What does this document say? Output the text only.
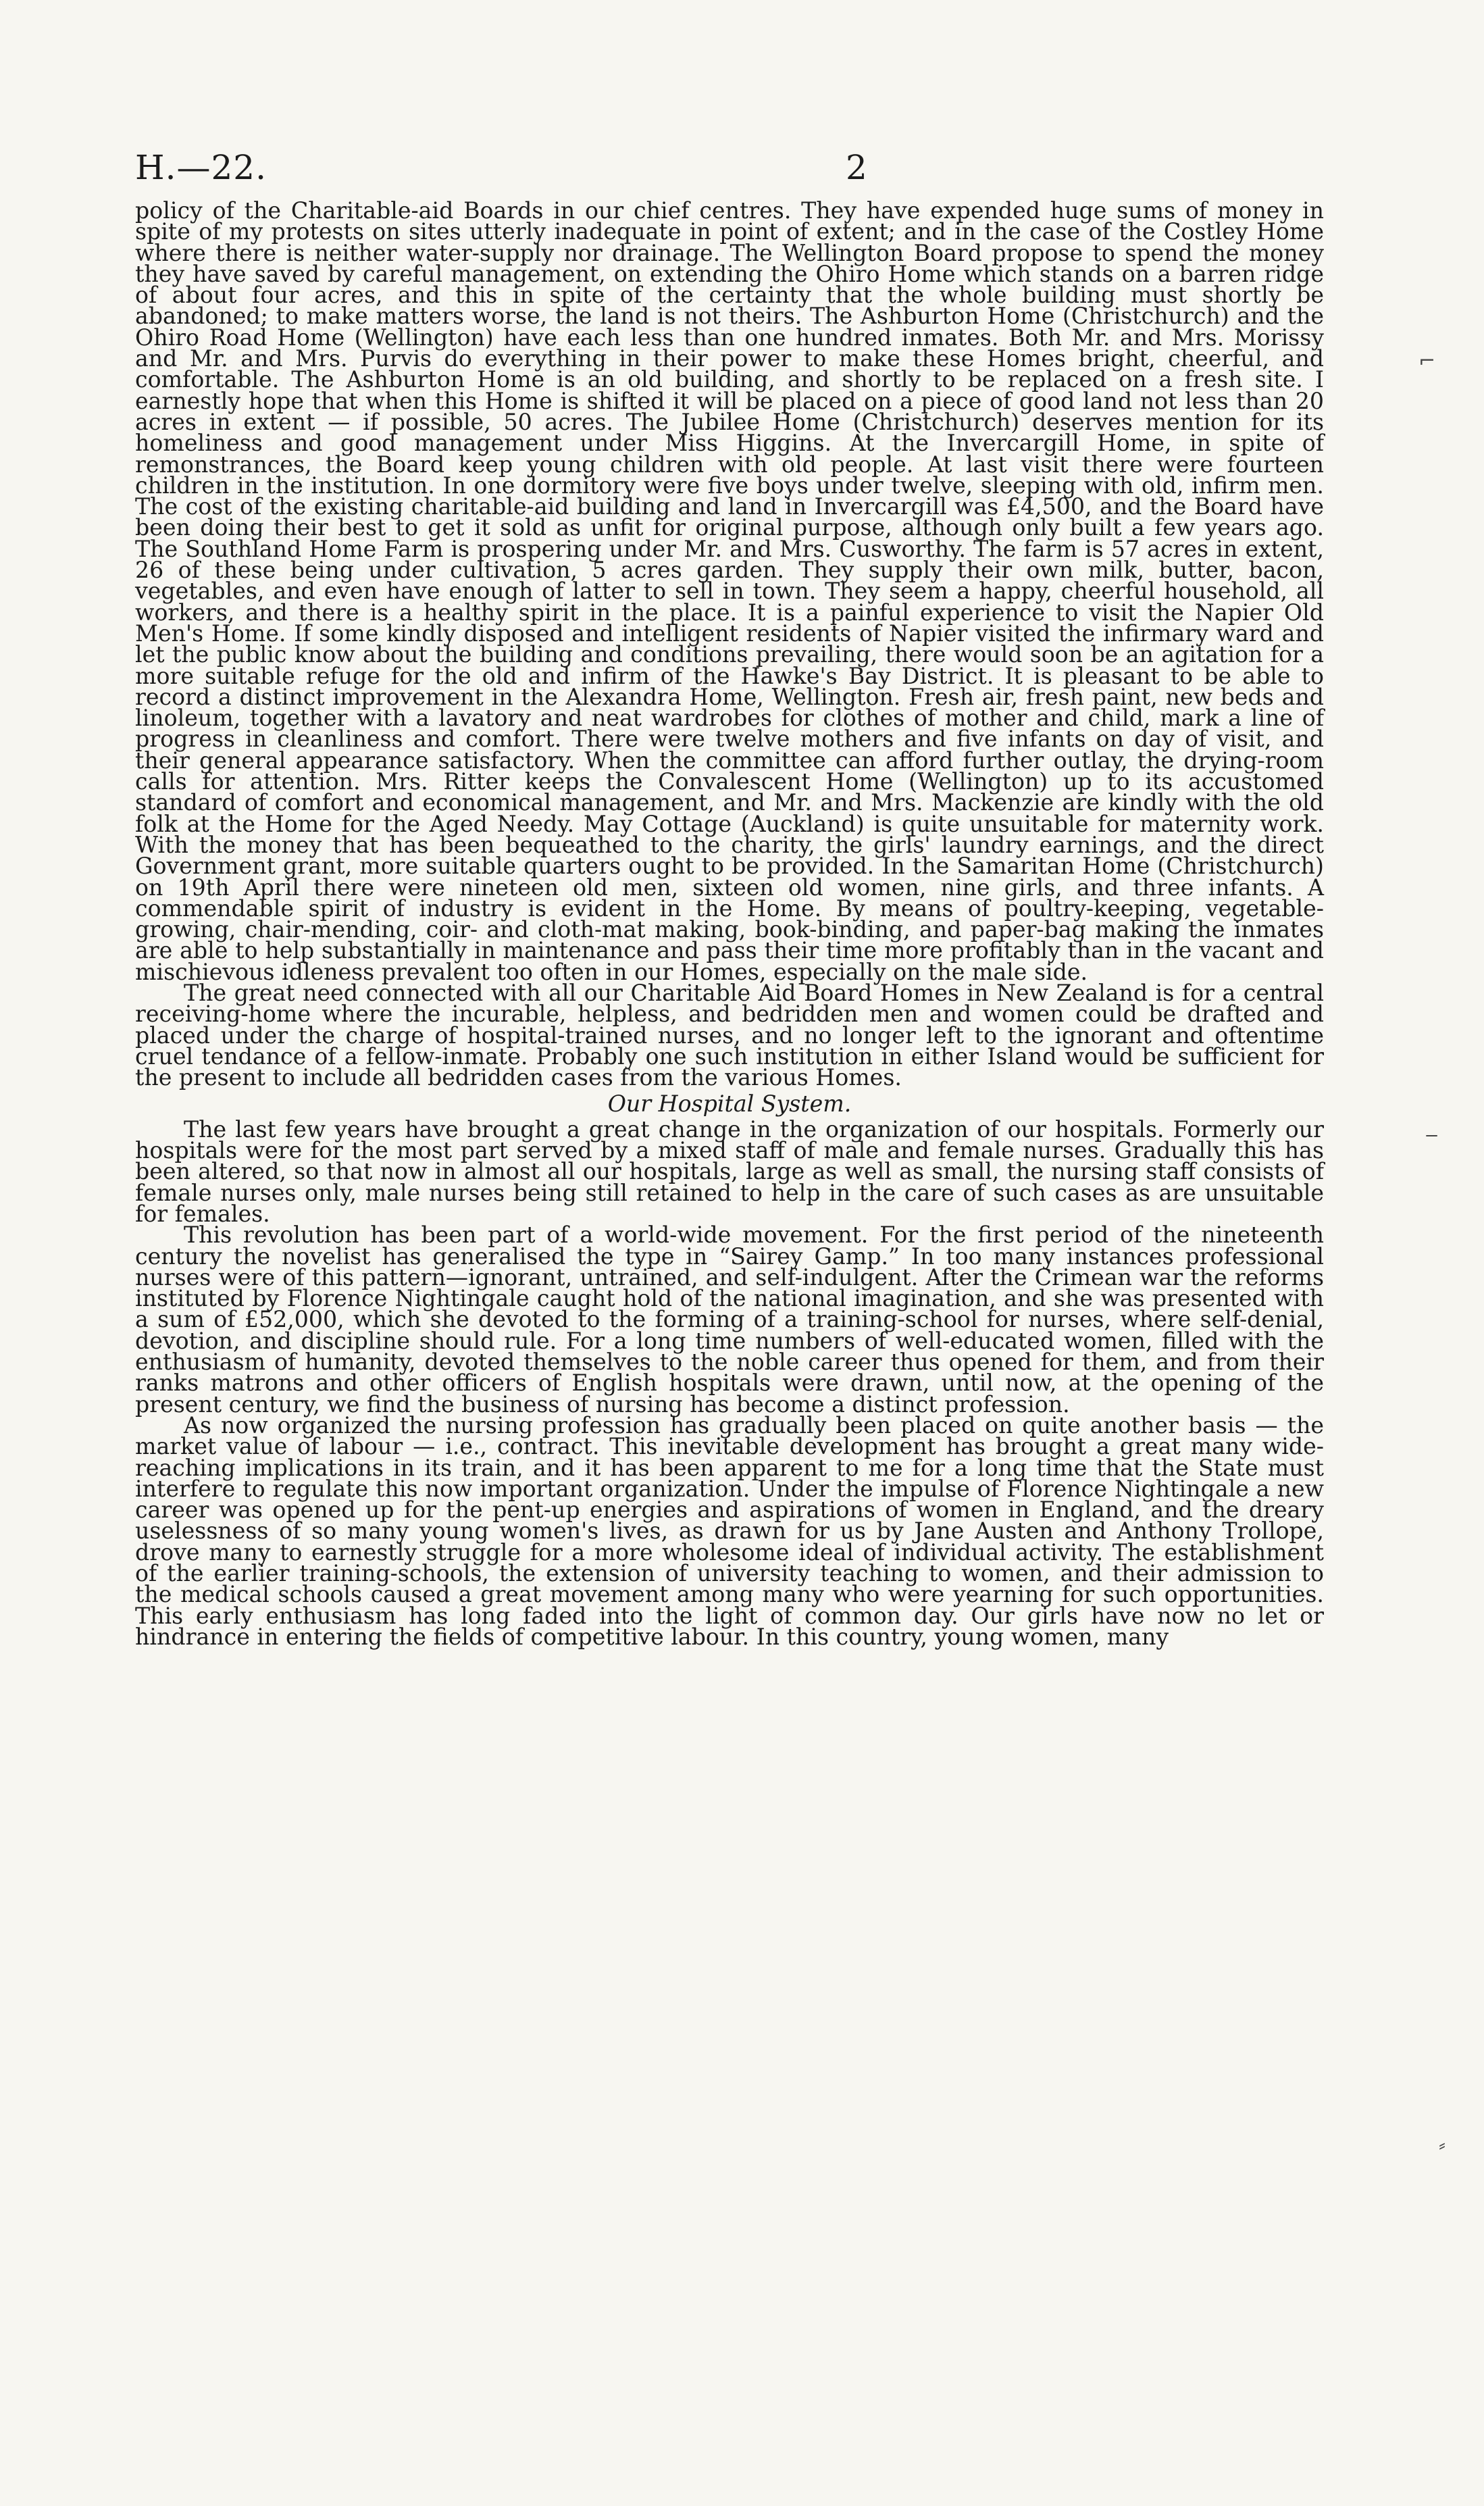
H.—22.	2

policy of the Charitable-aid Boards in our chief centres. They have expended huge sums of money in spite of my protests on sites utterly inadequate in point of extent; and in the case of the Costley Home where there is neither water-supply nor drainage. The Wellington Board propose to spend the money they have saved by careful management, on extending the Ohiro Home which stands on a barren ridge of about four acres, and this in spite of the certainty that the whole building must shortly be abandoned; to make matters worse, the land is not theirs. The Ashburton Home (Christchurch) and the Ohiro Road Home (Wellington) have each less than one hundred inmates. Both Mr. and Mrs. Morissy and Mr. and Mrs. Purvis do everything in their power to make these Homes bright, cheerful, and comfortable. The Ashburton Home is an old building, and shortly to be replaced on a fresh site. I earnestly hope that when this Home is shifted it will be placed on a piece of good land not less than 20 acres in extent — if possible, 50 acres. The Jubilee Home (Christchurch) deserves mention for its homeliness and good management under Miss Higgins. At the Invercargill Home, in spite of remonstrances, the Board keep young children with old people. At last visit there were fourteen children in the institution. In one dormitory were five boys under twelve, sleeping with old, infirm men. The cost of the existing charitable-aid building and land in Invercargill was £4,500, and the Board have been doing their best to get it sold as unfit for original purpose, although only built a few years ago. The Southland Home Farm is prospering under Mr. and Mrs. Cusworthy. The farm is 57 acres in extent, 26 of these being under cultivation, 5 acres garden. They supply their own milk, butter, bacon, vegetables, and even have enough of latter to sell in town. They seem a happy, cheerful household, all workers, and there is a healthy spirit in the place. It is a painful experience to visit the Napier Old Men's Home. If some kindly disposed and intelligent residents of Napier visited the infirmary ward and let the public know about the building and conditions prevailing, there would soon be an agitation for a more suitable refuge for the old and infirm of the Hawke's Bay District. It is pleasant to be able to record a distinct improvement in the Alexandra Home, Wellington. Fresh air, fresh paint, new beds and linoleum, together with a lavatory and neat wardrobes for clothes of mother and child, mark a line of progress in cleanliness and comfort. There were twelve mothers and five infants on day of visit, and their general appearance satisfactory. When the committee can afford further outlay, the drying-room calls for attention. Mrs. Ritter keeps the Convalescent Home (Wellington) up to its accustomed standard of comfort and economical management, and Mr. and Mrs. Mackenzie are kindly with the old folk at the Home for the Aged Needy. May Cottage (Auckland) is quite unsuitable for maternity work. With the money that has been bequeathed to the charity, the girls' laundry earnings, and the direct Government grant, more suitable quarters ought to be provided. In the Samaritan Home (Christchurch) on 19th April there were nineteen old men, sixteen old women, nine girls, and three infants. A commendable spirit of industry is evident in the Home. By means of poultry-keeping, vegetable-growing, chair-mending, coir- and cloth-mat making, book-binding, and paper-bag making the inmates are able to help substantially in maintenance and pass their time more profitably than in the vacant and mischievous idleness prevalent too often in our Homes, especially on the male side.

The great need connected with all our Charitable Aid Board Homes in New Zealand is for a central receiving-home where the incurable, helpless, and bedridden men and women could be drafted and placed under the charge of hospital-trained nurses, and no longer left to the ignorant and oftentime cruel tendance of a fellow-inmate. Probably one such institution in either Island would be sufficient for the present to include all bedridden cases from the various Homes.

Our Hospital System.

The last few years have brought a great change in the organization of our hospitals. Formerly our hospitals were for the most part served by a mixed staff of male and female nurses. Gradually this has been altered, so that now in almost all our hospitals, large as well as small, the nursing staff consists of female nurses only, male nurses being still retained to help in the care of such cases as are unsuitable for females.

This revolution has been part of a world-wide movement. For the first period of the nineteenth century the novelist has generalised the type in “Sairey Gamp.” In too many instances professional nurses were of this pattern—ignorant, untrained, and self-indulgent. After the Crimean war the reforms instituted by Florence Nightingale caught hold of the national imagination, and she was presented with a sum of £52,000, which she devoted to the forming of a training-school for nurses, where self-denial, devotion, and discipline should rule. For a long time numbers of well-educated women, filled with the enthusiasm of humanity, devoted themselves to the noble career thus opened for them, and from their ranks matrons and other officers of English hospitals were drawn, until now, at the opening of the present century, we find the business of nursing has become a distinct profession.

As now organized the nursing profession has gradually been placed on quite another basis — the market value of labour — i.e., contract. This inevitable development has brought a great many wide-reaching implications in its train, and it has been apparent to me for a long time that the State must interfere to regulate this now important organization. Under the impulse of Florence Nightingale a new career was opened up for the pent-up energies and aspirations of women in England, and the dreary uselessness of so many young women's lives, as drawn for us by Jane Austen and Anthony Trollope, drove many to earnestly struggle for a more wholesome ideal of individual activity. The establishment of the earlier training-schools, the extension of university teaching to women, and their admission to the medical schools caused a great movement among many who were yearning for such opportunities. This early enthusiasm has long faded into the light of common day. Our girls have now no let or hindrance in entering the fields of competitive labour. In this country, young women, many

⌐
‒
⸗
